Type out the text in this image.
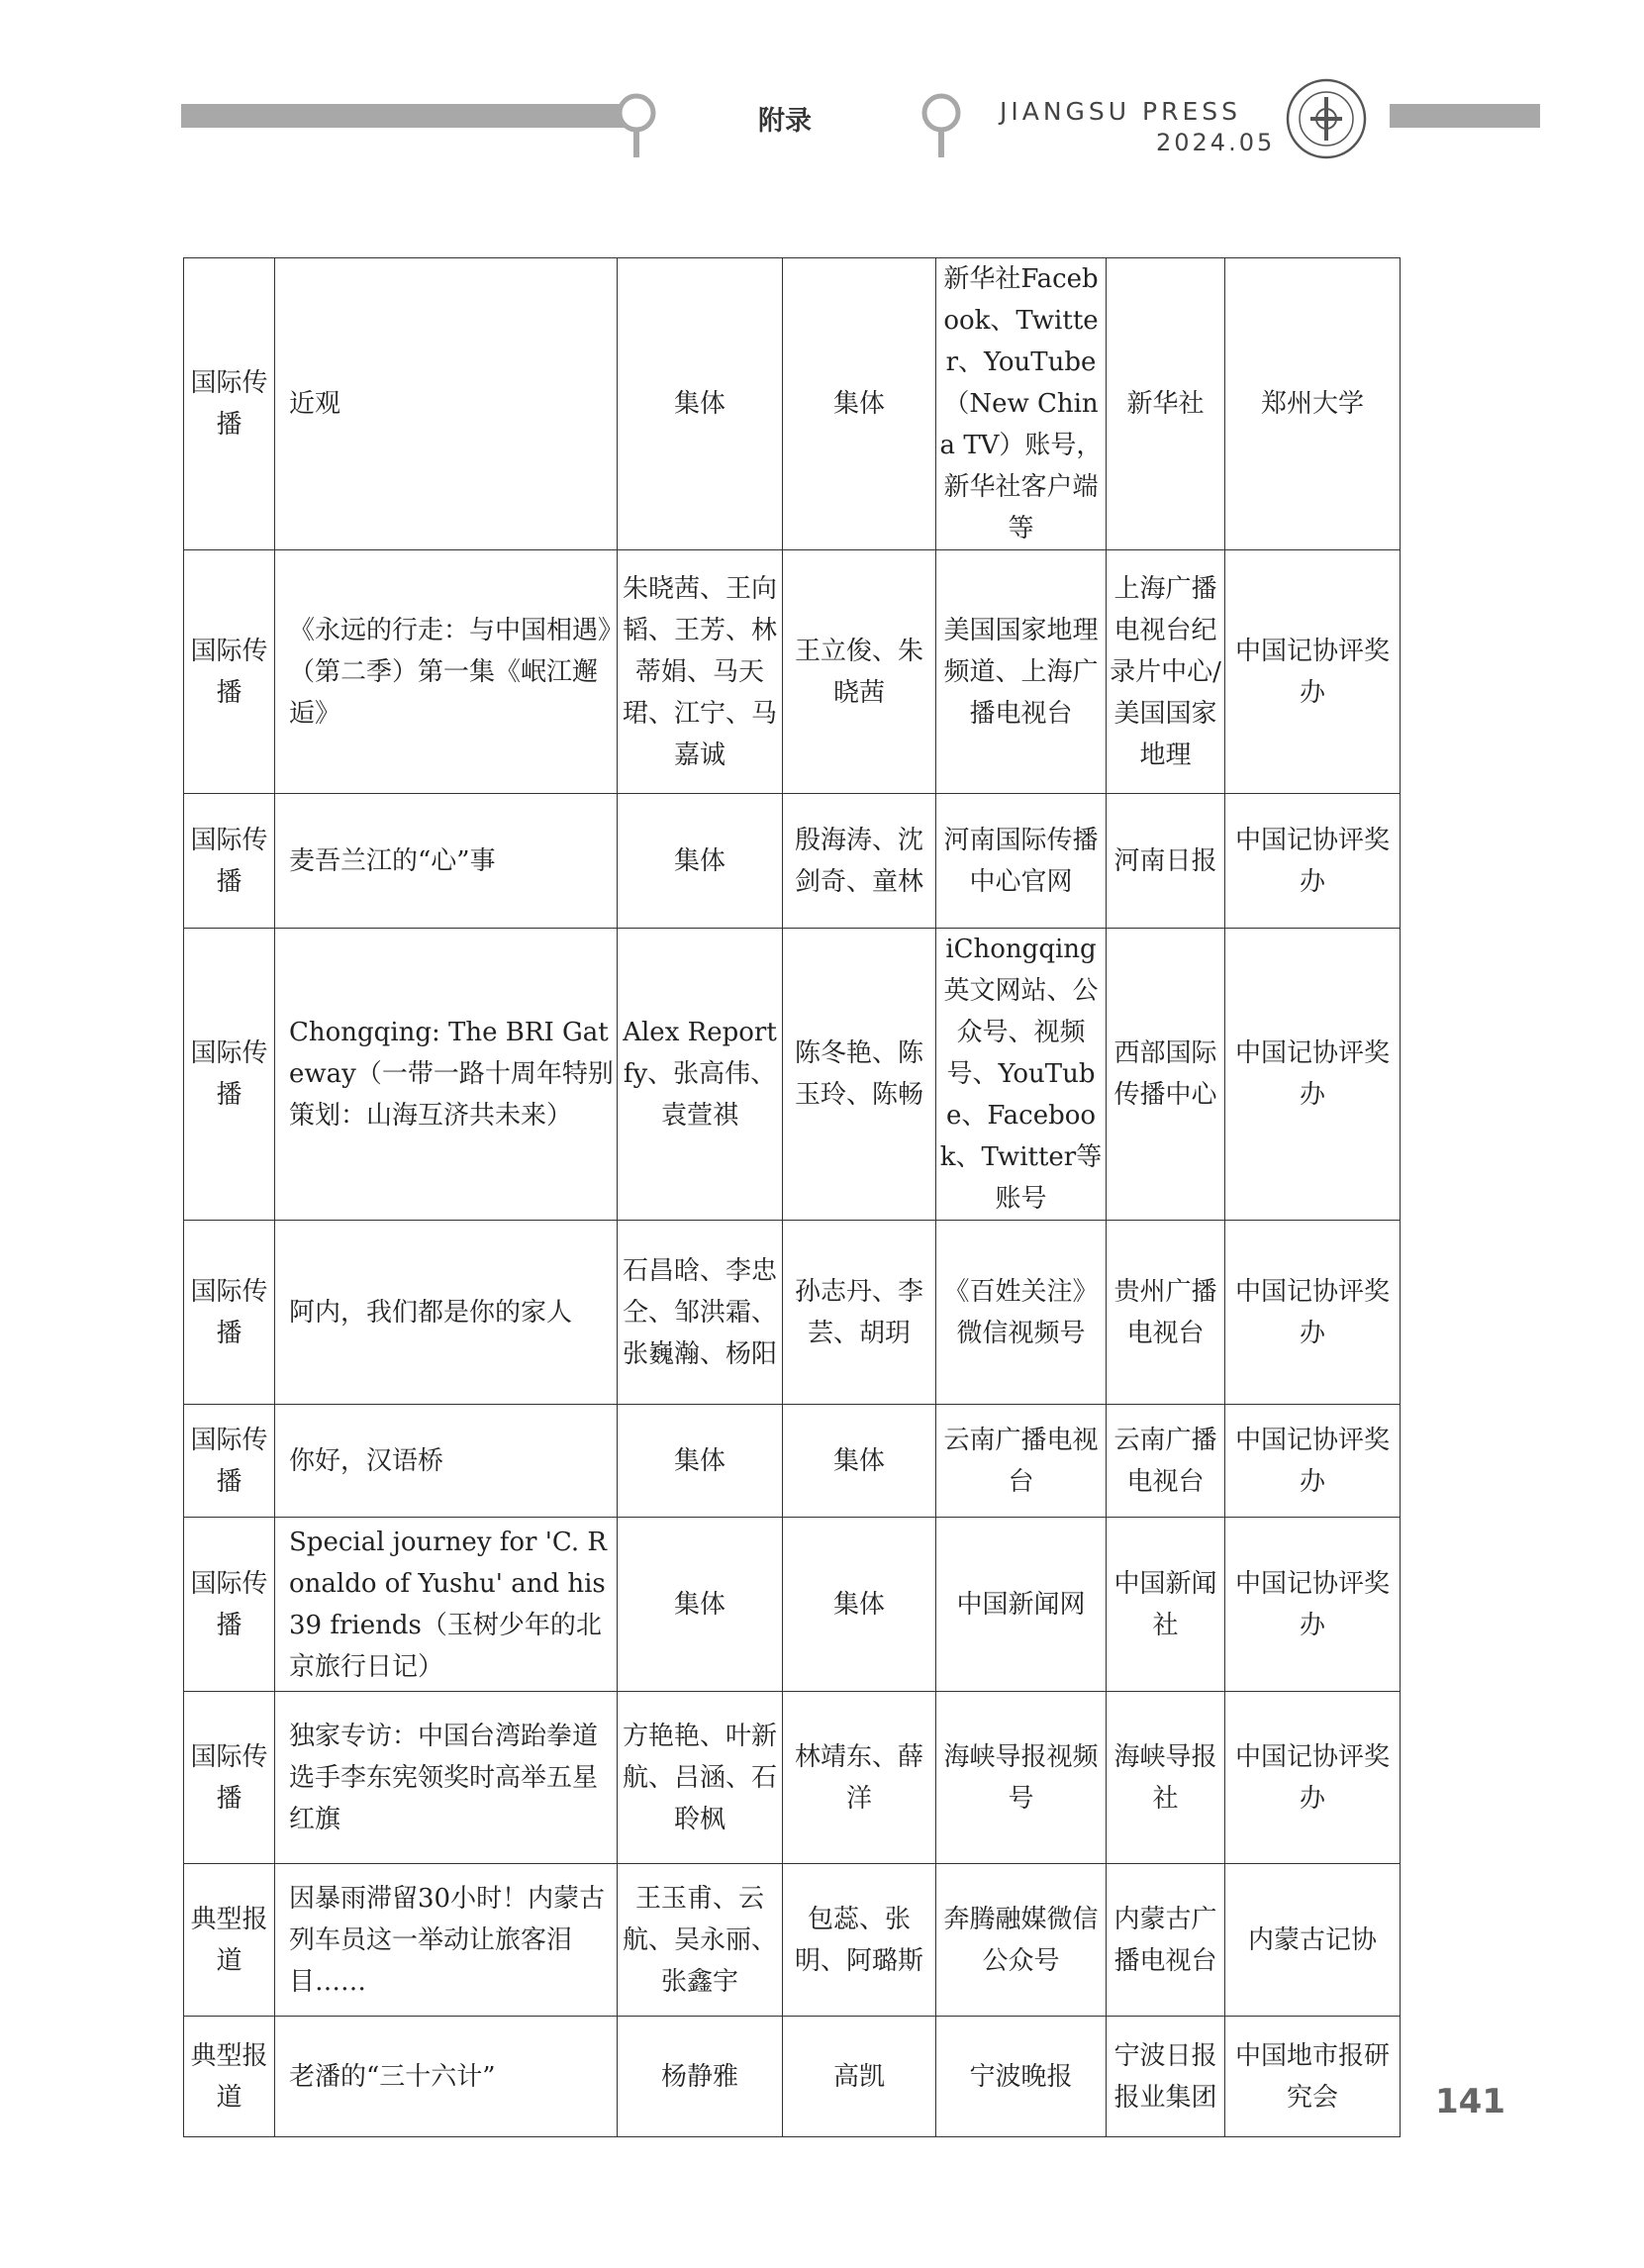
附录	JIANGSU PRESS
2024.05
国际传播	近观	集体	集体	新华社Facebook、Twitter、YouTube（New China TV）账号，新华社客户端等	新华社	郑州大学
国际传播	《永远的行走：与中国相遇》（第二季）第一集《岷江邂逅》	朱晓茜、王向韬、王芳、林蒂娟、马天珺、江宁、马嘉诚	王立俊、朱晓茜	美国国家地理频道、上海广播电视台	上海广播电视台纪录片中心/美国国家地理	中国记协评奖办
国际传播	麦吾兰江的“心”事	集体	殷海涛、沈剑奇、童林	河南国际传播中心官网	河南日报	中国记协评奖办
国际传播	Chongqing: The BRI Gateway（一带一路十周年特别策划：山海互济共未来）	Alex Reportfy、张高伟、袁萱祺	陈冬艳、陈玉玲、陈畅	iChongqing英文网站、公众号、视频号、YouTube、Facebook、Twitter等账号	西部国际传播中心	中国记协评奖办
国际传播	阿内，我们都是你的家人	石昌晗、李忠仝、邹洪霜、张巍瀚、杨阳	孙志丹、李芸、胡玥	《百姓关注》微信视频号	贵州广播电视台	中国记协评奖办
国际传播	你好，汉语桥	集体	集体	云南广播电视台	云南广播电视台	中国记协评奖办
国际传播	Special journey for 'C. Ronaldo of Yushu' and his 39 friends（玉树少年的北京旅行日记）	集体	集体	中国新闻网	中国新闻社	中国记协评奖办
国际传播	独家专访：中国台湾跆拳道选手李东宪领奖时高举五星红旗	方艳艳、叶新航、吕涵、石聆枫	林靖东、薛洋	海峡导报视频号	海峡导报社	中国记协评奖办
典型报道	因暴雨滞留30小时！内蒙古列车员这一举动让旅客泪目……	王玉甫、云航、吴永丽、张鑫宇	包蕊、张明、阿璐斯	奔腾融媒微信公众号	内蒙古广播电视台	内蒙古记协
典型报道	老潘的“三十六计”	杨静雅	高凯	宁波晚报	宁波日报报业集团	中国地市报研究会	141
